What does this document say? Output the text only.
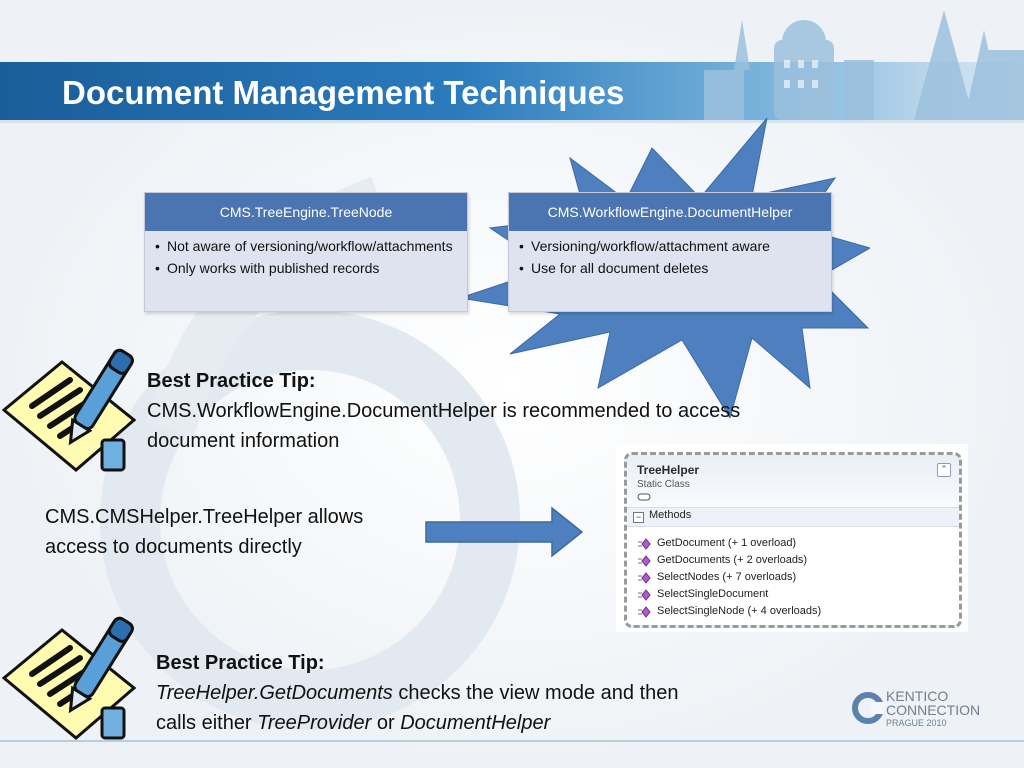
Document Management Techniques
CMS.TreeEngine.TreeNode
• Not aware of versioning/workflow/attachments
• Only works with published records
CMS.WorkflowEngine.DocumentHelper
• Versioning/workflow/attachment aware
• Use for all document deletes
Best Practice Tip:
CMS.WorkflowEngine.DocumentHelper is recommended to access
document information
CMS.CMSHelper.TreeHelper allows
access to documents directly
TreeHelper
Static Class
⌃
− Methods
GetDocument (+ 1 overload)
GetDocuments (+ 2 overloads)
SelectNodes (+ 7 overloads)
SelectSingleDocument
SelectSingleNode (+ 4 overloads)
Best Practice Tip:
TreeHelper.GetDocuments checks the view mode and then
calls either TreeProvider or DocumentHelper
KENTICO
CONNECTION
PRAGUE 2010
